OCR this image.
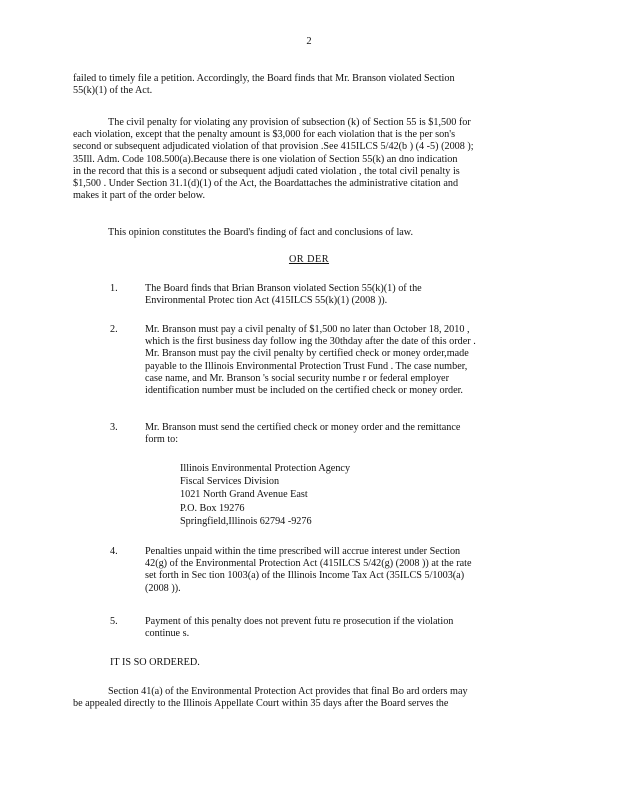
2
failed to timely file a petition. Accordingly, the Board finds that Mr. Branson violated Section
55(k)(1) of the Act.
The civil penalty for violating any provision of subsection (k) of Section 55 is $1,500 for
each violation, except that the penalty amount is $3,000 for each violation that is the per son's
second or subsequent adjudicated violation of that provision .See 415ILCS 5/42(b ) (4 -5) (2008 );
35Ill. Adm. Code 108.500(a).Because there is one violation of Section 55(k) an dno indication
in the record that this is a second or subsequent adjudi cated violation , the total civil penalty is
$1,500 . Under Section 31.1(d)(1) of the Act, the Boardattaches the administrative citation and
makes it part of the order below.
This opinion constitutes the Board's finding of fact and conclusions of law.
OR DER
1.	The Board finds that Brian Branson violated Section 55(k)(1) of the
Environmental Protec tion Act (415ILCS 55(k)(1) (2008 )).
2.	Mr. Branson must pay a civil penalty of $1,500 no later than October 18, 2010 ,
which is the first business day follow ing the 30thday after the date of this order .
Mr. Branson must pay the civil penalty by certified check or money order,made
payable to the Illinois Environmental Protection Trust Fund . The case number,
case name, and Mr. Branson 's social security numbe r or federal employer
identification number must be included on the certified check or money order.
3.	Mr. Branson must send the certified check or money order and the remittance
form to:
Illinois Environmental Protection Agency
Fiscal Services Division
1021 North Grand Avenue East
P.O. Box 19276
Springfield,Illinois 62794 -9276
4.	Penalties unpaid within the time prescribed will accrue interest under Section
42(g) of the Environmental Protection Act (415ILCS 5/42(g) (2008 )) at the rate
set forth in Sec tion 1003(a) of the Illinois Income Tax Act (35ILCS 5/1003(a)
(2008 )).
5.	Payment of this penalty does not prevent futu re prosecution if the violation
continue s.
IT IS SO ORDERED.
Section 41(a) of the Environmental Protection Act provides that final Bo ard orders may
be appealed directly to the Illinois Appellate Court within 35 days after the Board serves the
